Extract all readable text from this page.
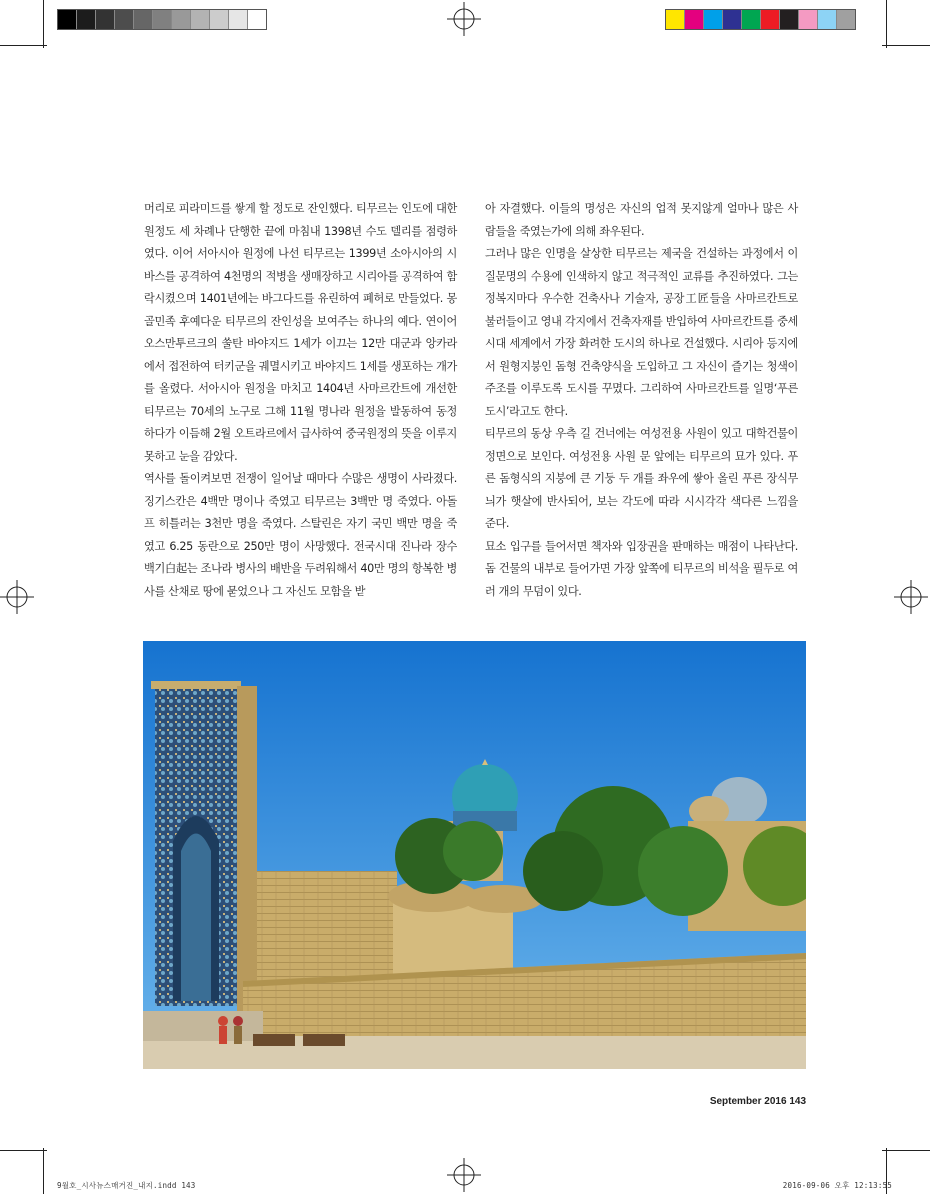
머리로 피라미드를 쌓게 할 정도로 잔인했다. 티무르는 인도에 대한 원정도 세 차례나 단행한 끝에 마침내 1398년 수도 델리를 점령하였다. 이어 서아시아 원정에 나선 티무르는 1399년 소아시아의 시바스를 공격하여 4천명의 적병을 생매장하고 시리아를 공격하여 함락시켰으며 1401년에는 바그다드를 유린하여 폐허로 만들었다. 몽골민족 후예다운 티무르의 잔인성을 보여주는 하나의 예다. 연이어 오스만투르크의 쑬탄 바야지드 1세가 이끄는 12만 대군과 앙카라에서 접전하여 터키군을 궤멸시키고 바야지드 1세를 생포하는 개가를 올렸다. 서아시아 원정을 마치고 1404년 사마르칸트에 개선한 티무르는 70세의 노구로 그해 11월 명나라 원정을 발동하여 동정하다가 이듬해 2월 오트라르에서 급사하여 중국원정의 뜻을 이루지 못하고 눈을 감았다.

역사를 돌이켜보면 전쟁이 일어날 때마다 수많은 생명이 사라졌다. 징기스칸은 4백만 명이나 죽였고 티무르는 3백만 명 죽였다. 아돌프 히틀러는 3천만 명을 죽였다. 스탈린은 자기 국민 백만 명을 죽였고 6.25 동란으로 250만 명이 사망했다. 전국시대 진나라 장수 백기白起는 조나라 병사의 배반을 두려워해서 40만 명의 항복한 병사를 산채로 땅에 묻었으나 그 자신도 모함을 받

아 자결했다. 이들의 명성은 자신의 업적 못지않게 얼마나 많은 사람들을 죽였는가에 의해 좌우된다.

그러나 많은 인명을 살상한 티무르는 제국을 건설하는 과정에서 이질문명의 수용에 인색하지 않고 적극적인 교류를 추진하였다. 그는 정복지마다 우수한 건축사나 기술자, 공장工匠들을 사마르칸트로 불러들이고 영내 각지에서 건축자재를 반입하여 사마르칸트를 중세시대 세계에서 가장 화려한 도시의 하나로 건설했다. 시리아 등지에서 원형지붕인 돔형 건축양식을 도입하고 그 자신이 즐기는 청색이 주조를 이루도록 도시를 꾸몄다. 그리하여 사마르칸트를 일명‘푸른 도시’라고도 한다.

티무르의 동상 우측 길 건너에는 여성전용 사원이 있고 대학건물이 정면으로 보인다. 여성전용 사원 문 앞에는 티무르의 묘가 있다. 푸른 돔형식의 지붕에 큰 기둥 두 개를 좌우에 쌓아 올린 푸른 장식무늬가 햇살에 반사되어, 보는 각도에 따라 시시각각 색다른 느낌을 준다.

묘소 입구를 들어서면 책자와 입장권을 판매하는 매점이 나타난다. 돔 건물의 내부로 들어가면 가장 앞쪽에 티무르의 비석을 필두로 여러 개의 무덤이 있다.

September 2016 143
9월호_시사뉴스매거진_내지.indd 143	2016-09-06 오후 12:13:55
